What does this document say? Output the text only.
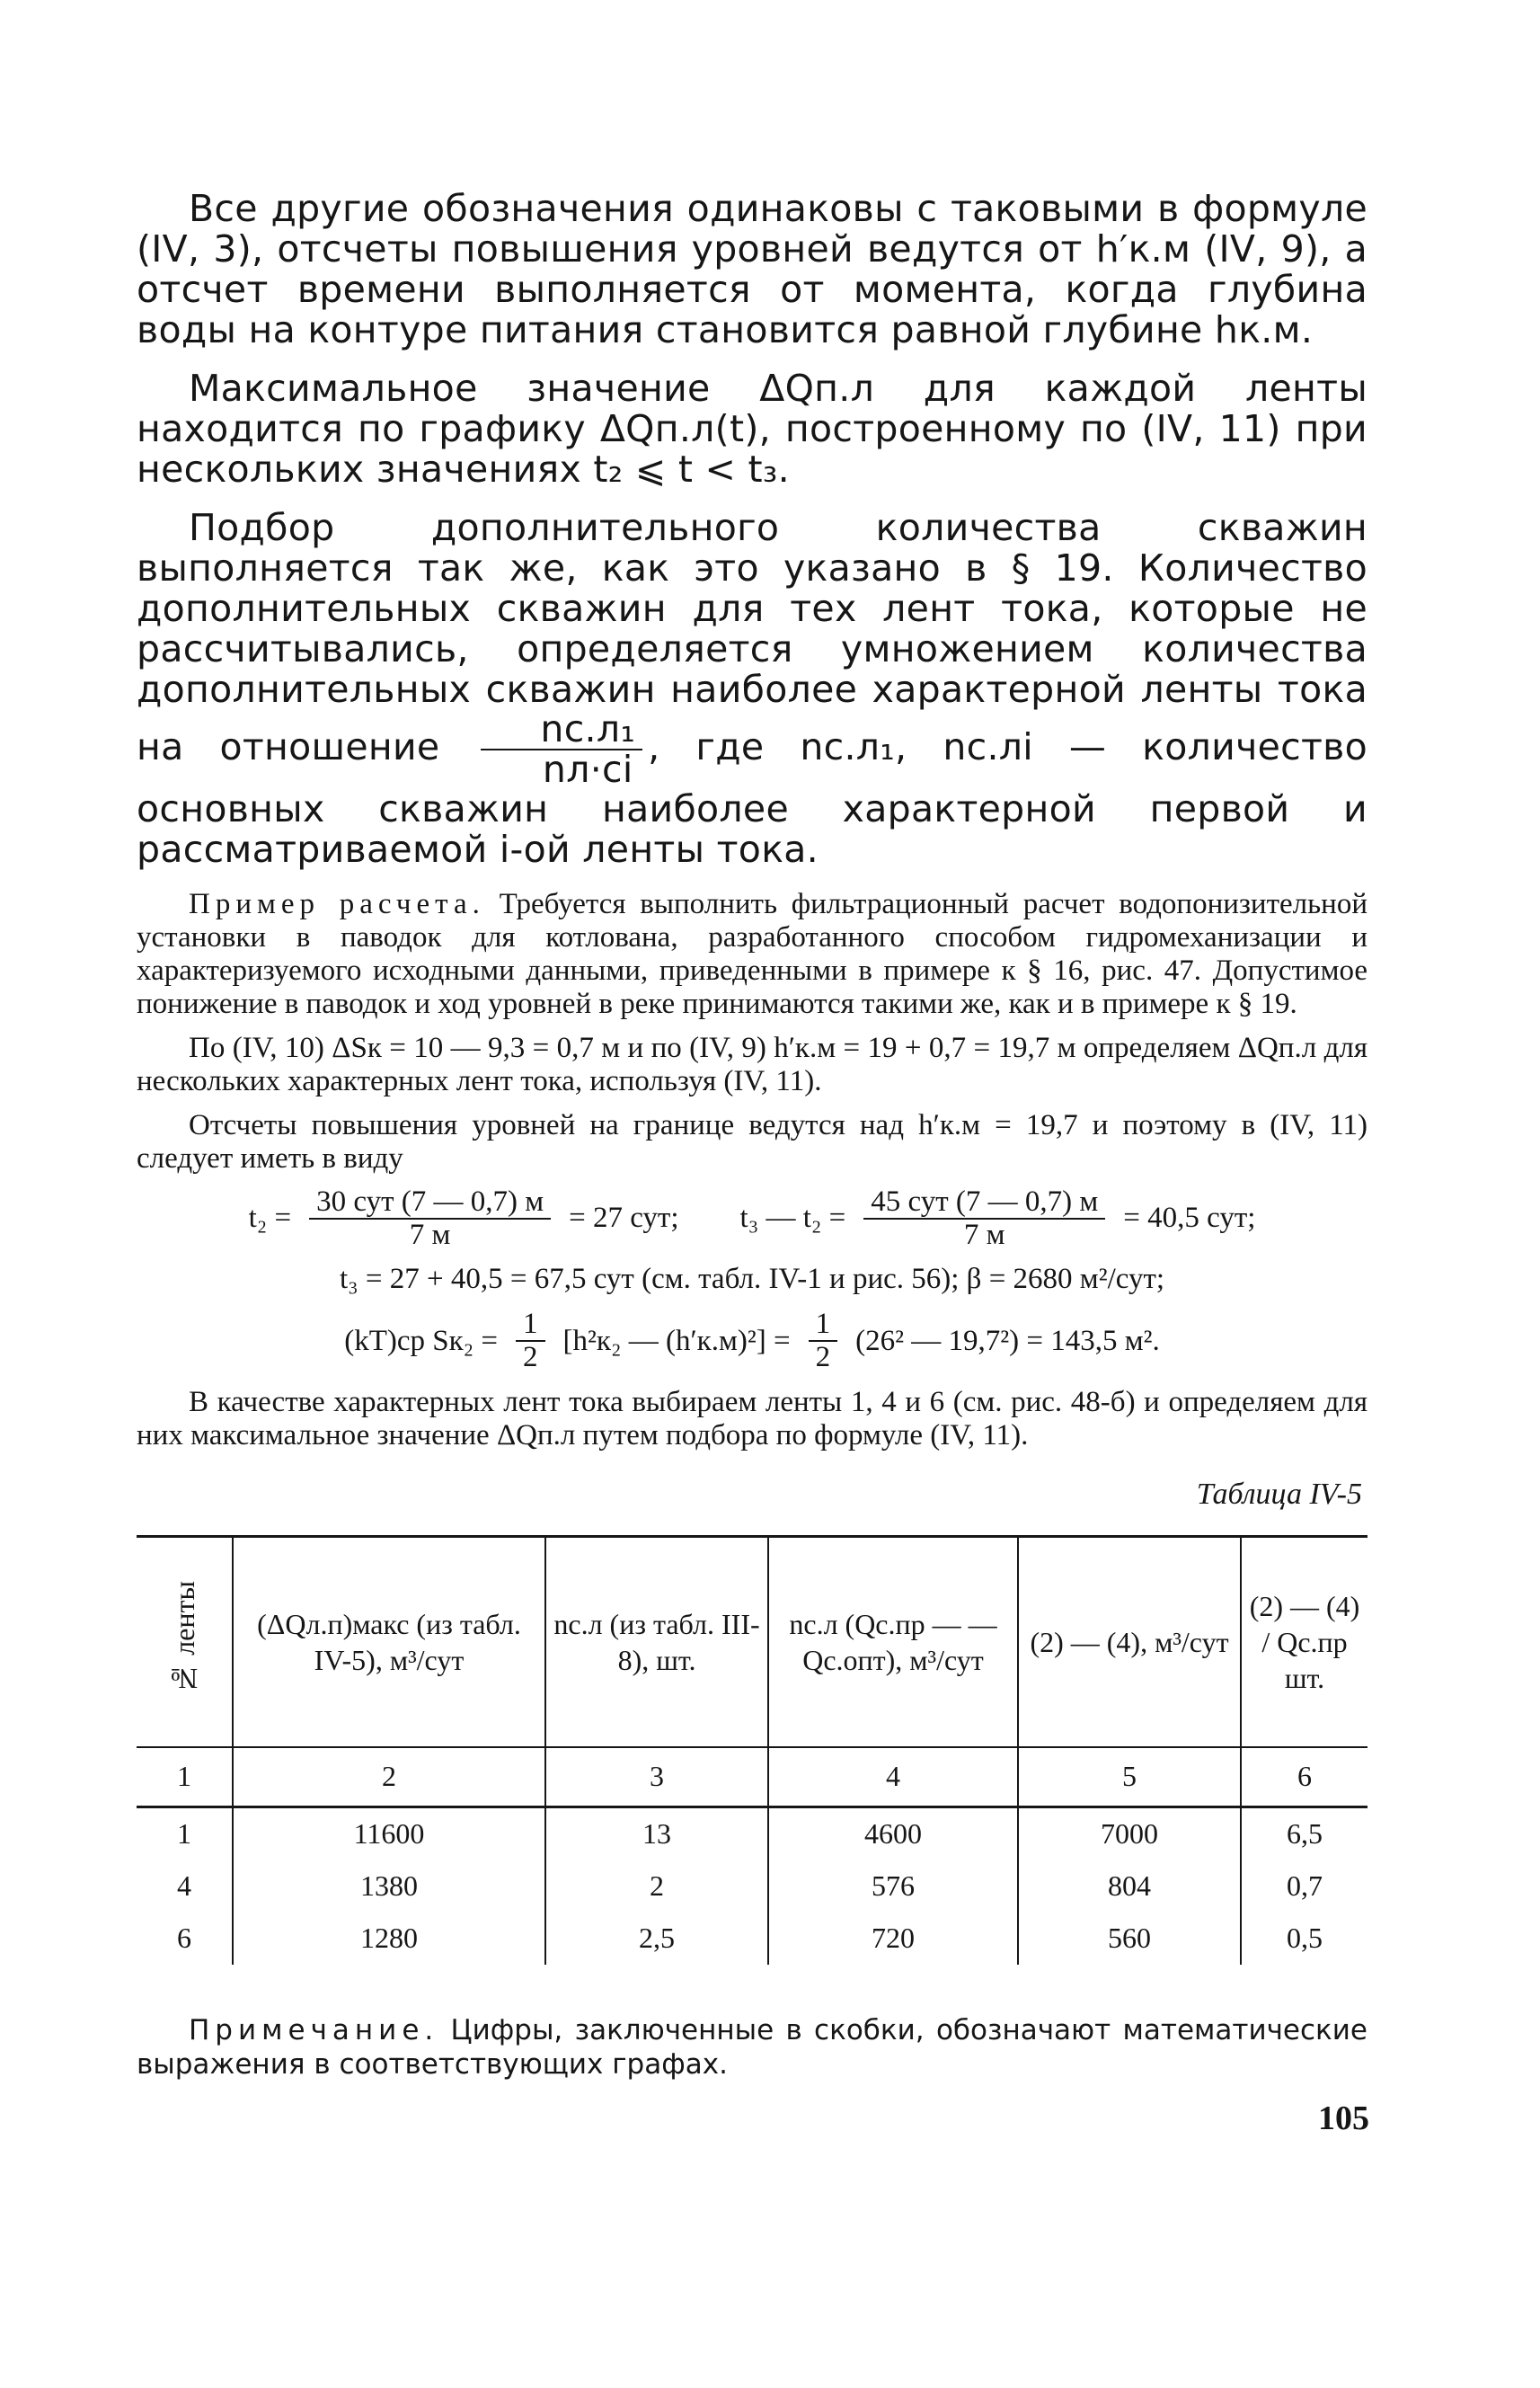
Все другие обозначения одинаковы с таковыми в формуле (IV, 3), отсчеты повышения уровней ведутся от h′к.м (IV, 9), а отсчет времени выполняется от момента, когда глубина воды на контуре питания становится равной глубине hк.м.

Максимальное значение ΔQп.л для каждой ленты находится по графику ΔQп.л(t), построенному по (IV, 11) при нескольких значениях t₂ ⩽ t < t₃.

Подбор дополнительного количества скважин выполняется так же, как это указано в § 19. Количество дополнительных скважин для тех лент тока, которые не рассчитывались, определяется умножением количества дополнительных скважин наиболее характерной ленты тока на отношение $\frac{\text{nс.л₁}}{nл\cdot сi}$ , где nс.л₁, nс.лi — количество основных скважин наиболее характерной первой и рассматриваемой i-ой ленты тока.

Пример расчета. Требуется выполнить фильтрационный расчет водопонизительной установки в паводок для котлована, разработанного способом гидромеханизации и характеризуемого исходными данными, приведенными в примере к § 16, рис. 47. Допустимое понижение в паводок и ход уровней в реке принимаются такими же, как и в примере к § 19.

По (IV, 10) ΔSк = 10 — 9,3 = 0,7 м и по (IV, 9) h′к.м = 19 + 0,7 = 19,7 м определяем ΔQп.л для нескольких характерных лент тока, используя (IV, 11).

Отсчеты повышения уровней на границе ведутся над h′к.м = 19,7 и поэтому в (IV, 11) следует иметь в виду

$t_2 = \frac{\text{30 сут (7 — 0,7) м}}{7 м} = 27$ сут; t₃ — $t_2 = \frac{\text{45 сут (7 — 0,7) м}}{7 м} = 40,5$ сут;
t₃ = 27 + 40,5 = 67,5 сут (см. табл. IV-1 и рис. 56); β = 2680 м²/сут;
(kT)ср $Sк_2 = \frac{1}{2} [h^2к_2$ — $(h'к.м)^2] = \frac{1}{2} (26^2$ — 19,7²) = 143,5 м².

В качестве характерных лент тока выбираем ленты 1, 4 и 6 (см. рис. 48-б) и определяем для них максимальное значение ΔQп.л путем подбора по формуле (IV, 11).

Таблица IV-5
№ ленты	(ΔQл.п)макс (из табл. IV-5), м³/сут	nс.л (из табл. III-8), шт.	nс.л (Qс.пр — — Qс.опт), м³/сут	(2) — (4), м³/сут	(2) — (4) / Qс.пр шт.
1	2	3	4	5	6
1	11600	13	4600	7000	6,5
4	1380	2	576	804	0,7
6	1280	2,5	720	560	0,5

Примечание. Цифры, заключенные в скобки, обозначают математические выражения в соответствующих графах.

105
